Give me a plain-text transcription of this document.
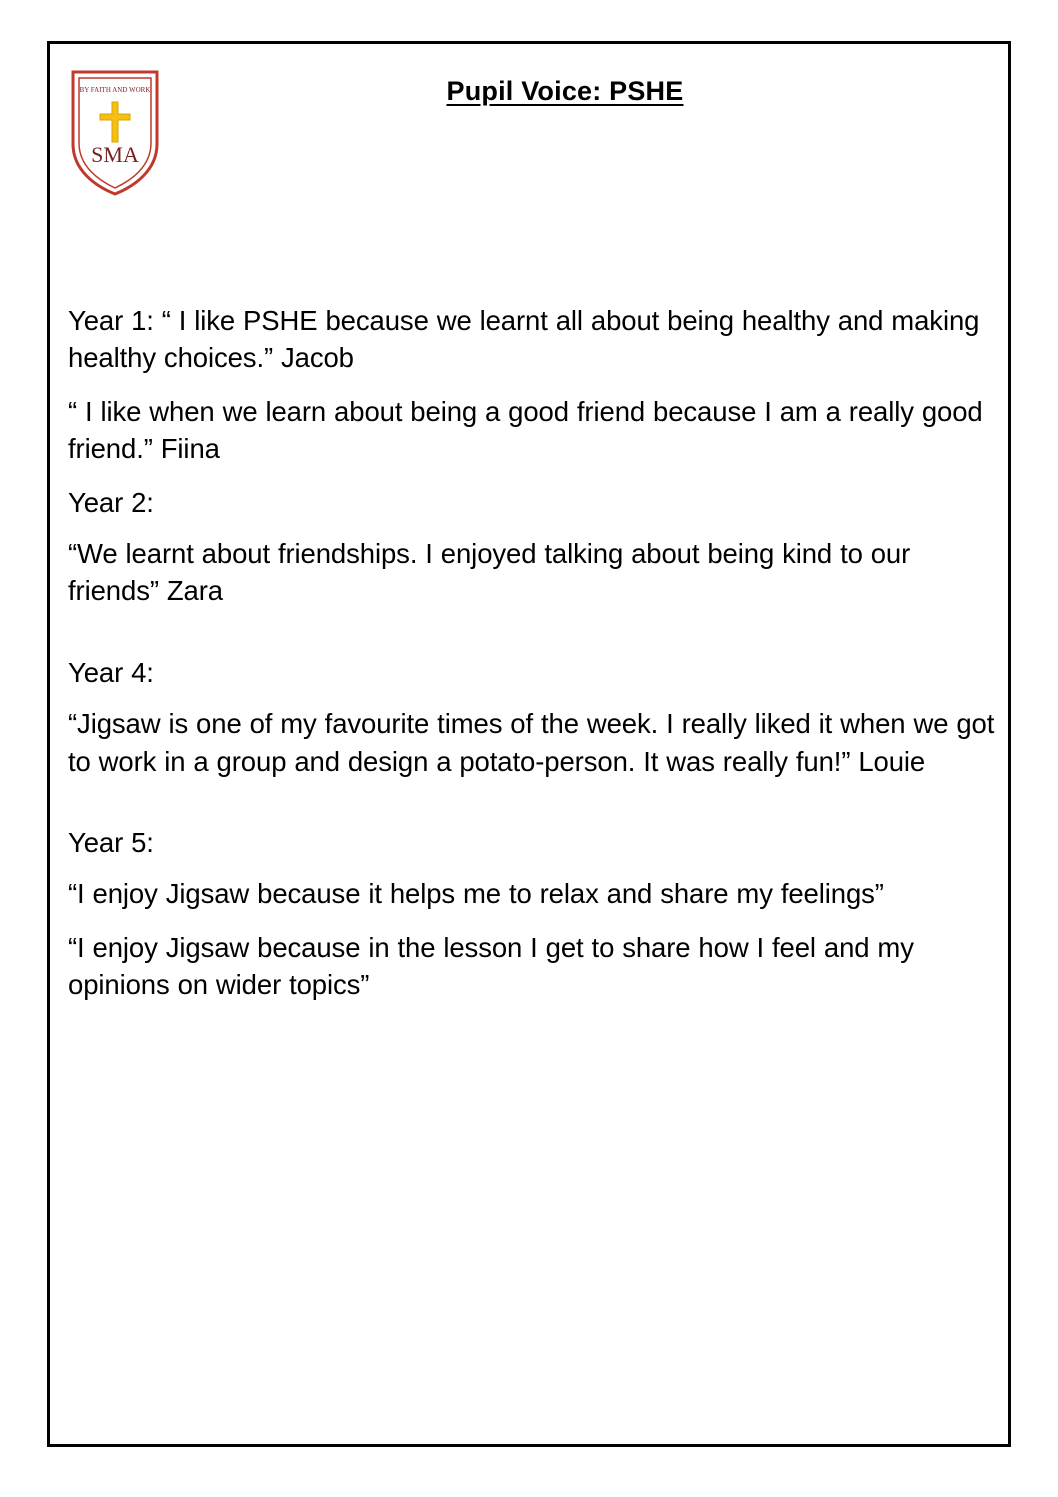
BY FAITH AND WORK
SMA
Pupil Voice: PSHE

Year 1: “ I like PSHE because we learnt all about being healthy and making healthy choices.” Jacob

“ I like when we learn about being a good friend because I am a really good friend.” Fiina

Year 2:

“We learnt about friendships. I enjoyed talking about being kind to our friends” Zara

Year 4:

“Jigsaw is one of my favourite times of the week. I really liked it when we got to work in a group and design a potato-person. It was really fun!” Louie

Year 5:

“I enjoy Jigsaw because it helps me to relax and share my feelings”

“I enjoy Jigsaw because in the lesson I get to share how I feel and my opinions on wider topics”
